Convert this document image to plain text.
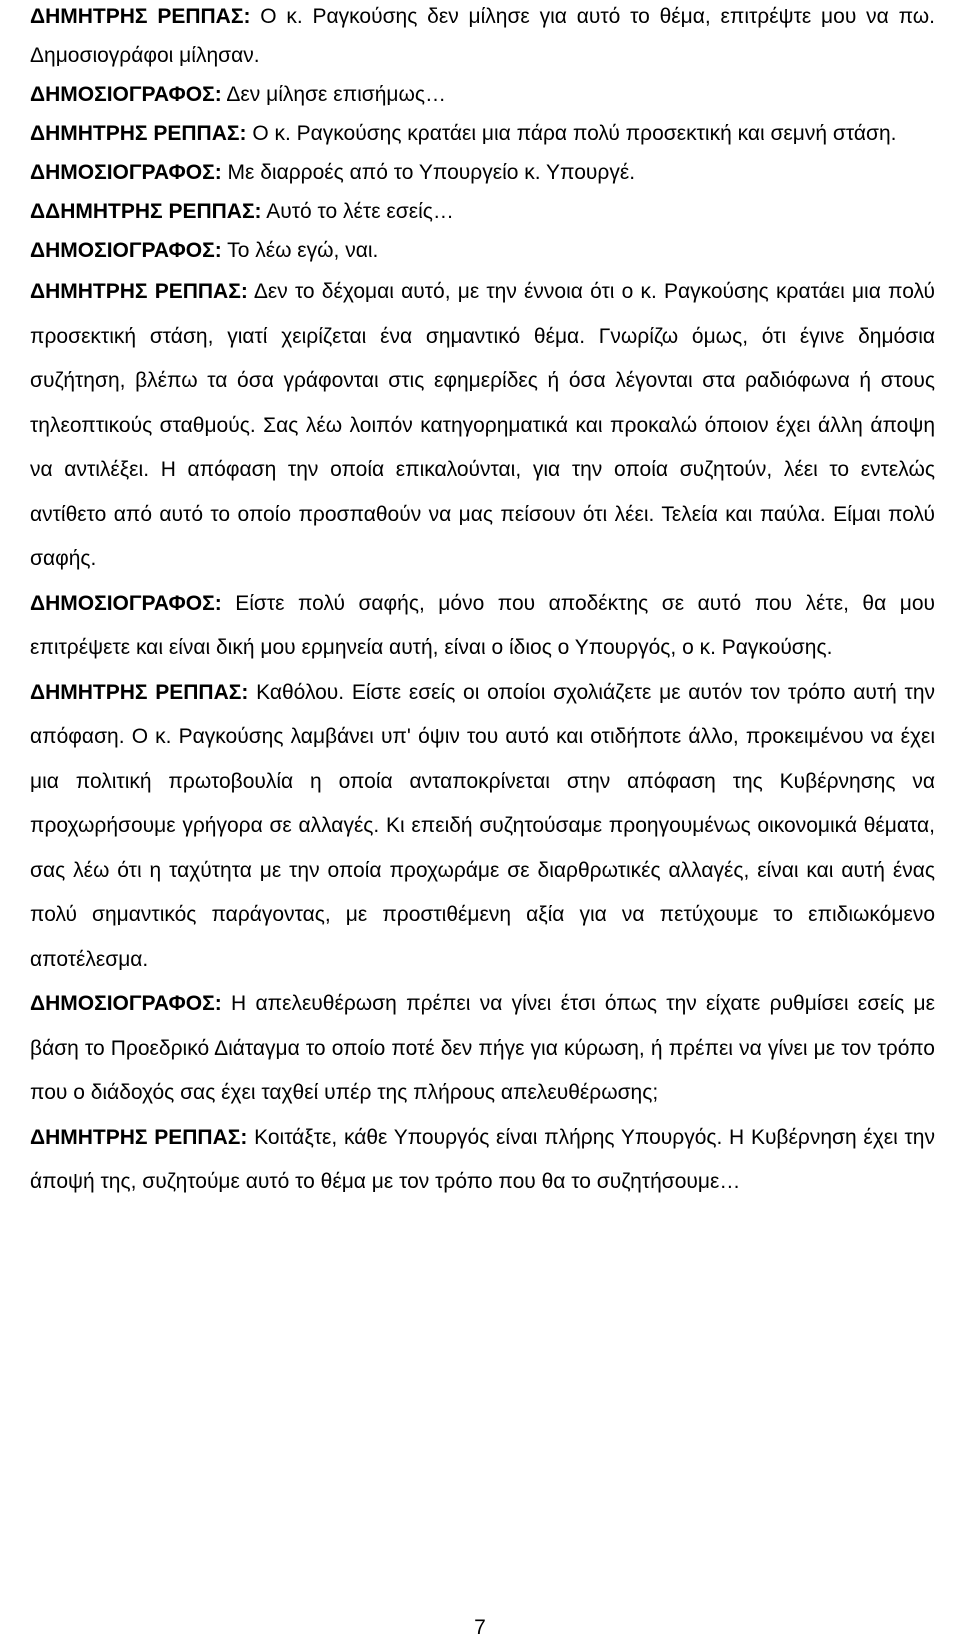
ΔΗΜΗΤΡΗΣ ΡΕΠΠΑΣ: Ο κ. Ραγκούσης δεν μίλησε για αυτό το θέμα, επιτρέψτε μου να πω. Δημοσιογράφοι μίλησαν.

ΔΗΜΟΣΙΟΓΡΑΦΟΣ: Δεν μίλησε επισήμως…

ΔΗΜΗΤΡΗΣ ΡΕΠΠΑΣ: Ο κ. Ραγκούσης κρατάει μια πάρα πολύ προσεκτική και σεμνή στάση.

ΔΗΜΟΣΙΟΓΡΑΦΟΣ: Με διαρροές από το Υπουργείο κ. Υπουργέ.

ΔΔΗΜΗΤΡΗΣ ΡΕΠΠΑΣ: Αυτό το λέτε εσείς…

ΔΗΜΟΣΙΟΓΡΑΦΟΣ: Το λέω εγώ, ναι.

ΔΗΜΗΤΡΗΣ ΡΕΠΠΑΣ: Δεν το δέχομαι αυτό, με την έννοια ότι ο κ. Ραγκούσης κρατάει μια πολύ προσεκτική στάση, γιατί χειρίζεται ένα σημαντικό θέμα. Γνωρίζω όμως, ότι έγινε δημόσια συζήτηση, βλέπω τα όσα γράφονται στις εφημερίδες ή όσα λέγονται στα ραδιόφωνα ή στους τηλεοπτικούς σταθμούς. Σας λέω λοιπόν κατηγορηματικά και προκαλώ όποιον έχει άλλη άποψη να αντιλέξει. Η απόφαση την οποία επικαλούνται, για την οποία συζητούν, λέει το εντελώς αντίθετο από αυτό το οποίο προσπαθούν να μας πείσουν ότι λέει. Τελεία και παύλα. Είμαι πολύ σαφής.

ΔΗΜΟΣΙΟΓΡΑΦΟΣ: Είστε πολύ σαφής, μόνο που αποδέκτης σε αυτό που λέτε, θα μου επιτρέψετε και είναι δική μου ερμηνεία αυτή, είναι ο ίδιος ο Υπουργός, ο κ. Ραγκούσης.

ΔΗΜΗΤΡΗΣ ΡΕΠΠΑΣ: Καθόλου. Είστε εσείς οι οποίοι σχολιάζετε με αυτόν τον τρόπο αυτή την απόφαση. Ο κ. Ραγκούσης λαμβάνει υπ' όψιν του αυτό και οτιδήποτε άλλο, προκειμένου να έχει μια πολιτική πρωτοβουλία η οποία ανταποκρίνεται στην απόφαση της Κυβέρνησης να προχωρήσουμε γρήγορα σε αλλαγές. Κι επειδή συζητούσαμε προηγουμένως οικονομικά θέματα, σας λέω ότι η ταχύτητα με την οποία προχωράμε σε διαρθρωτικές αλλαγές, είναι και αυτή ένας πολύ σημαντικός παράγοντας, με προστιθέμενη αξία για να πετύχουμε το επιδιωκόμενο αποτέλεσμα.

ΔΗΜΟΣΙΟΓΡΑΦΟΣ: Η απελευθέρωση πρέπει να γίνει έτσι όπως την είχατε ρυθμίσει εσείς με βάση το Προεδρικό Διάταγμα το οποίο ποτέ δεν πήγε για κύρωση, ή πρέπει να γίνει με τον τρόπο που ο διάδοχός σας έχει ταχθεί υπέρ της πλήρους απελευθέρωσης;

ΔΗΜΗΤΡΗΣ ΡΕΠΠΑΣ: Κοιτάξτε, κάθε Υπουργός είναι πλήρης Υπουργός. Η Κυβέρνηση έχει την άποψή της, συζητούμε αυτό το θέμα με τον τρόπο που θα το συζητήσουμε…

7
